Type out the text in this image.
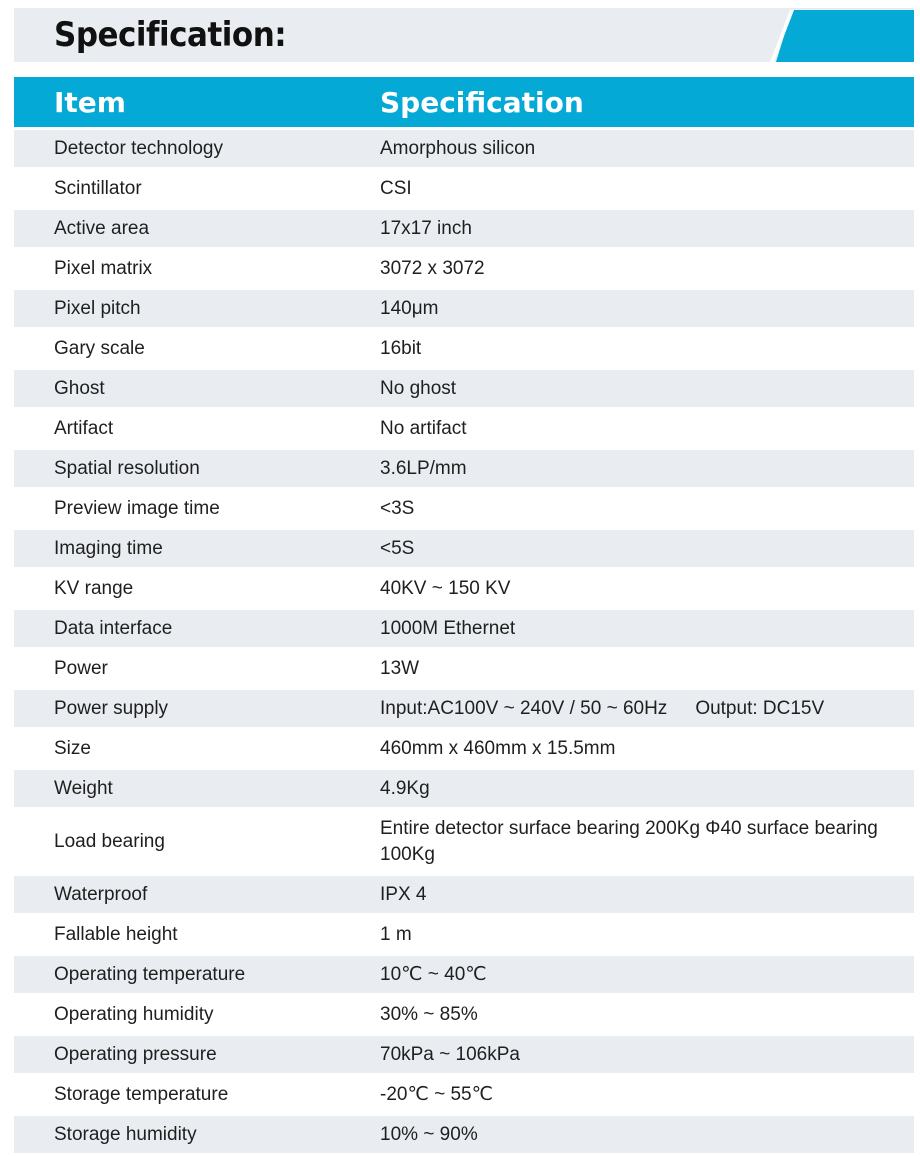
Specification:
Item	Specification
Detector technology	Amorphous silicon
Scintillator	CSI
Active area	17x17 inch
Pixel matrix	3072 x 3072
Pixel pitch	140μm
Gary scale	16bit
Ghost	No ghost
Artifact	No artifact
Spatial resolution	3.6LP/mm
Preview image time	<3S
Imaging time	<5S
KV range	40KV ~ 150 KV
Data interface	1000M Ethernet
Power	13W
Power supply	Input:AC100V ~ 240V / 50 ~ 60Hz Output: DC15V
Size	460mm x 460mm x 15.5mm
Weight	4.9Kg
Load bearing	Entire detector surface bearing 200Kg Φ40 surface bearing 100Kg
Waterproof	IPX 4
Fallable height	1 m
Operating temperature	10℃ ~ 40℃
Operating humidity	30% ~ 85%
Operating pressure	70kPa ~ 106kPa
Storage temperature	-20℃ ~ 55℃
Storage humidity	10% ~ 90%
